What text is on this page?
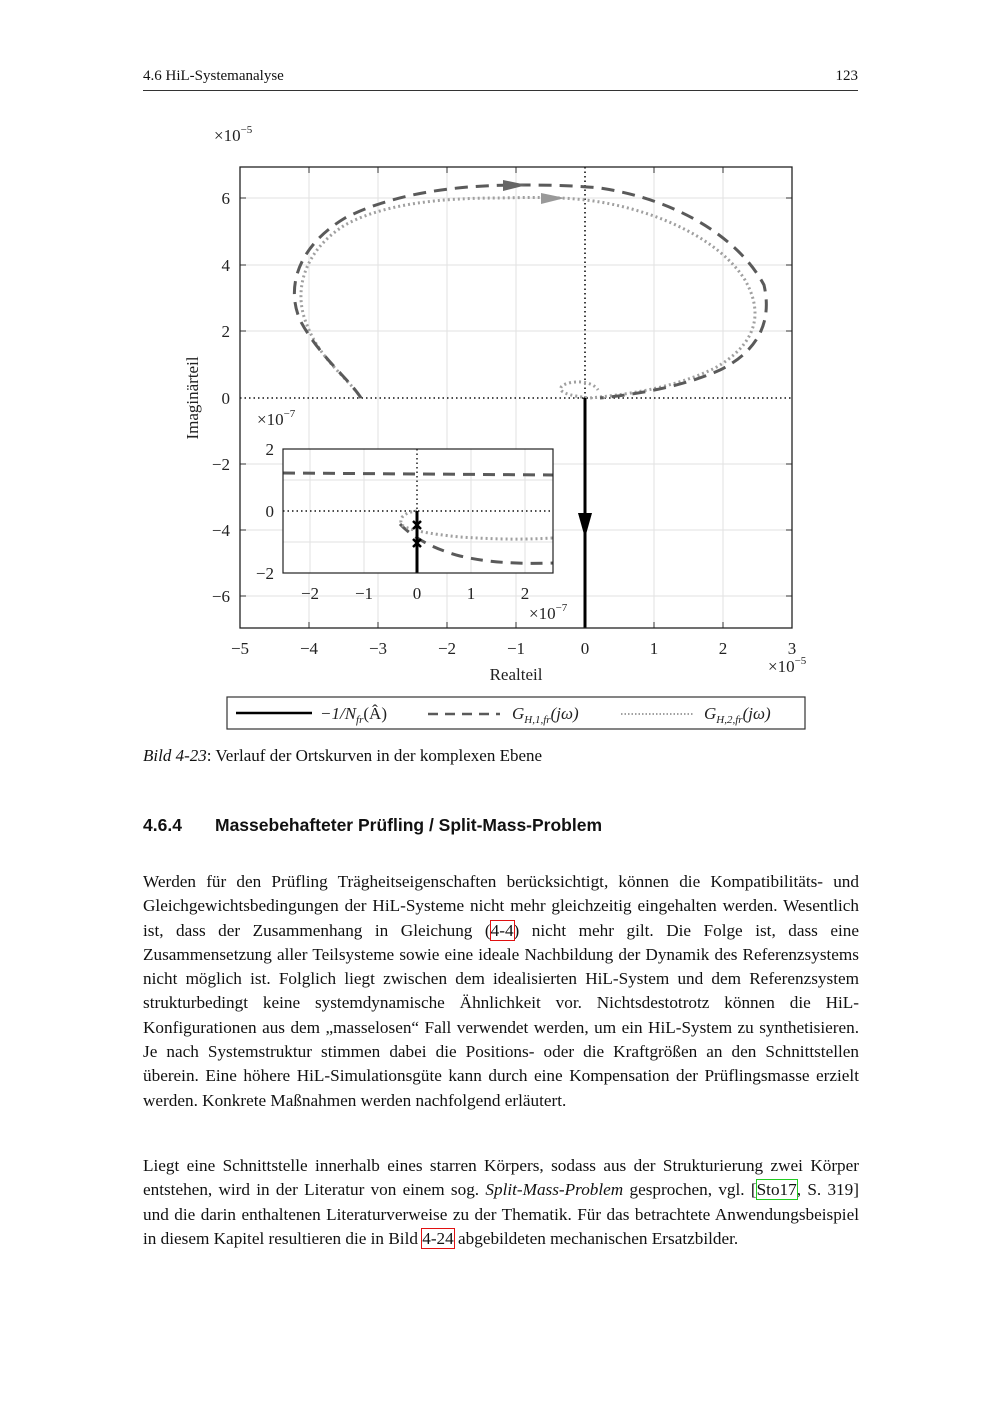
4.6 HiL-Systemanalyse	123
6
4
2
0
−2
−4
−6
−5	−4	−3	−2	−1	0	1	2	3
$\times 10^{-5}$
$\times 10^{-5}$
Realteil
Imaginärteil
2
0
−2
−2 −1 0	1	2
$\times 10^{-7}$
$\times 10^{-7}$
$-1/N_{fr}(Â)$	$G_{H,1,fr}(j\omega)$	$G_{H,2,fr}(j\omega)$
Bild 4-23: Verlauf der Ortskurven in der komplexen Ebene
4.6.4 Massebehafteter Prüfling / Split-Mass-Problem
Werden für den Prüfling Trägheitseigenschaften berücksichtigt, können die Kompatibilitäts- und Gleichgewichtsbedingungen der HiL-Systeme nicht mehr gleichzeitig eingehalten werden. Wesentlich ist, dass der Zusammenhang in Gleichung (4-4) nicht mehr gilt. Die Folge ist, dass eine Zusammensetzung aller Teilsysteme sowie eine ideale Nachbildung der Dynamik des Referenzsystems nicht möglich ist. Folglich liegt zwischen dem idealisierten HiL-System und dem Referenzsystem strukturbedingt keine systemdynamische Ähnlichkeit vor. Nichtsdestotrotz können die HiL-Konfigurationen aus dem „masselosen“ Fall verwendet werden, um ein HiL-System zu synthetisieren. Je nach Systemstruktur stimmen dabei die Positions- oder die Kraftgrößen an den Schnittstellen überein. Eine höhere HiL-Simulationsgüte kann durch eine Kompensation der Prüflingsmasse erzielt werden. Konkrete Maßnahmen werden nachfolgend erläutert.
Liegt eine Schnittstelle innerhalb eines starren Körpers, sodass aus der Strukturierung zwei Körper entstehen, wird in der Literatur von einem sog. Split-Mass-Problem gesprochen, vgl. [Sto17, S. 319] und die darin enthaltenen Literaturverweise zu der Thematik. Für das betrachtete Anwendungsbeispiel in diesem Kapitel resultieren die in Bild 4-24 abgebildeten mechanischen Ersatzbilder.
